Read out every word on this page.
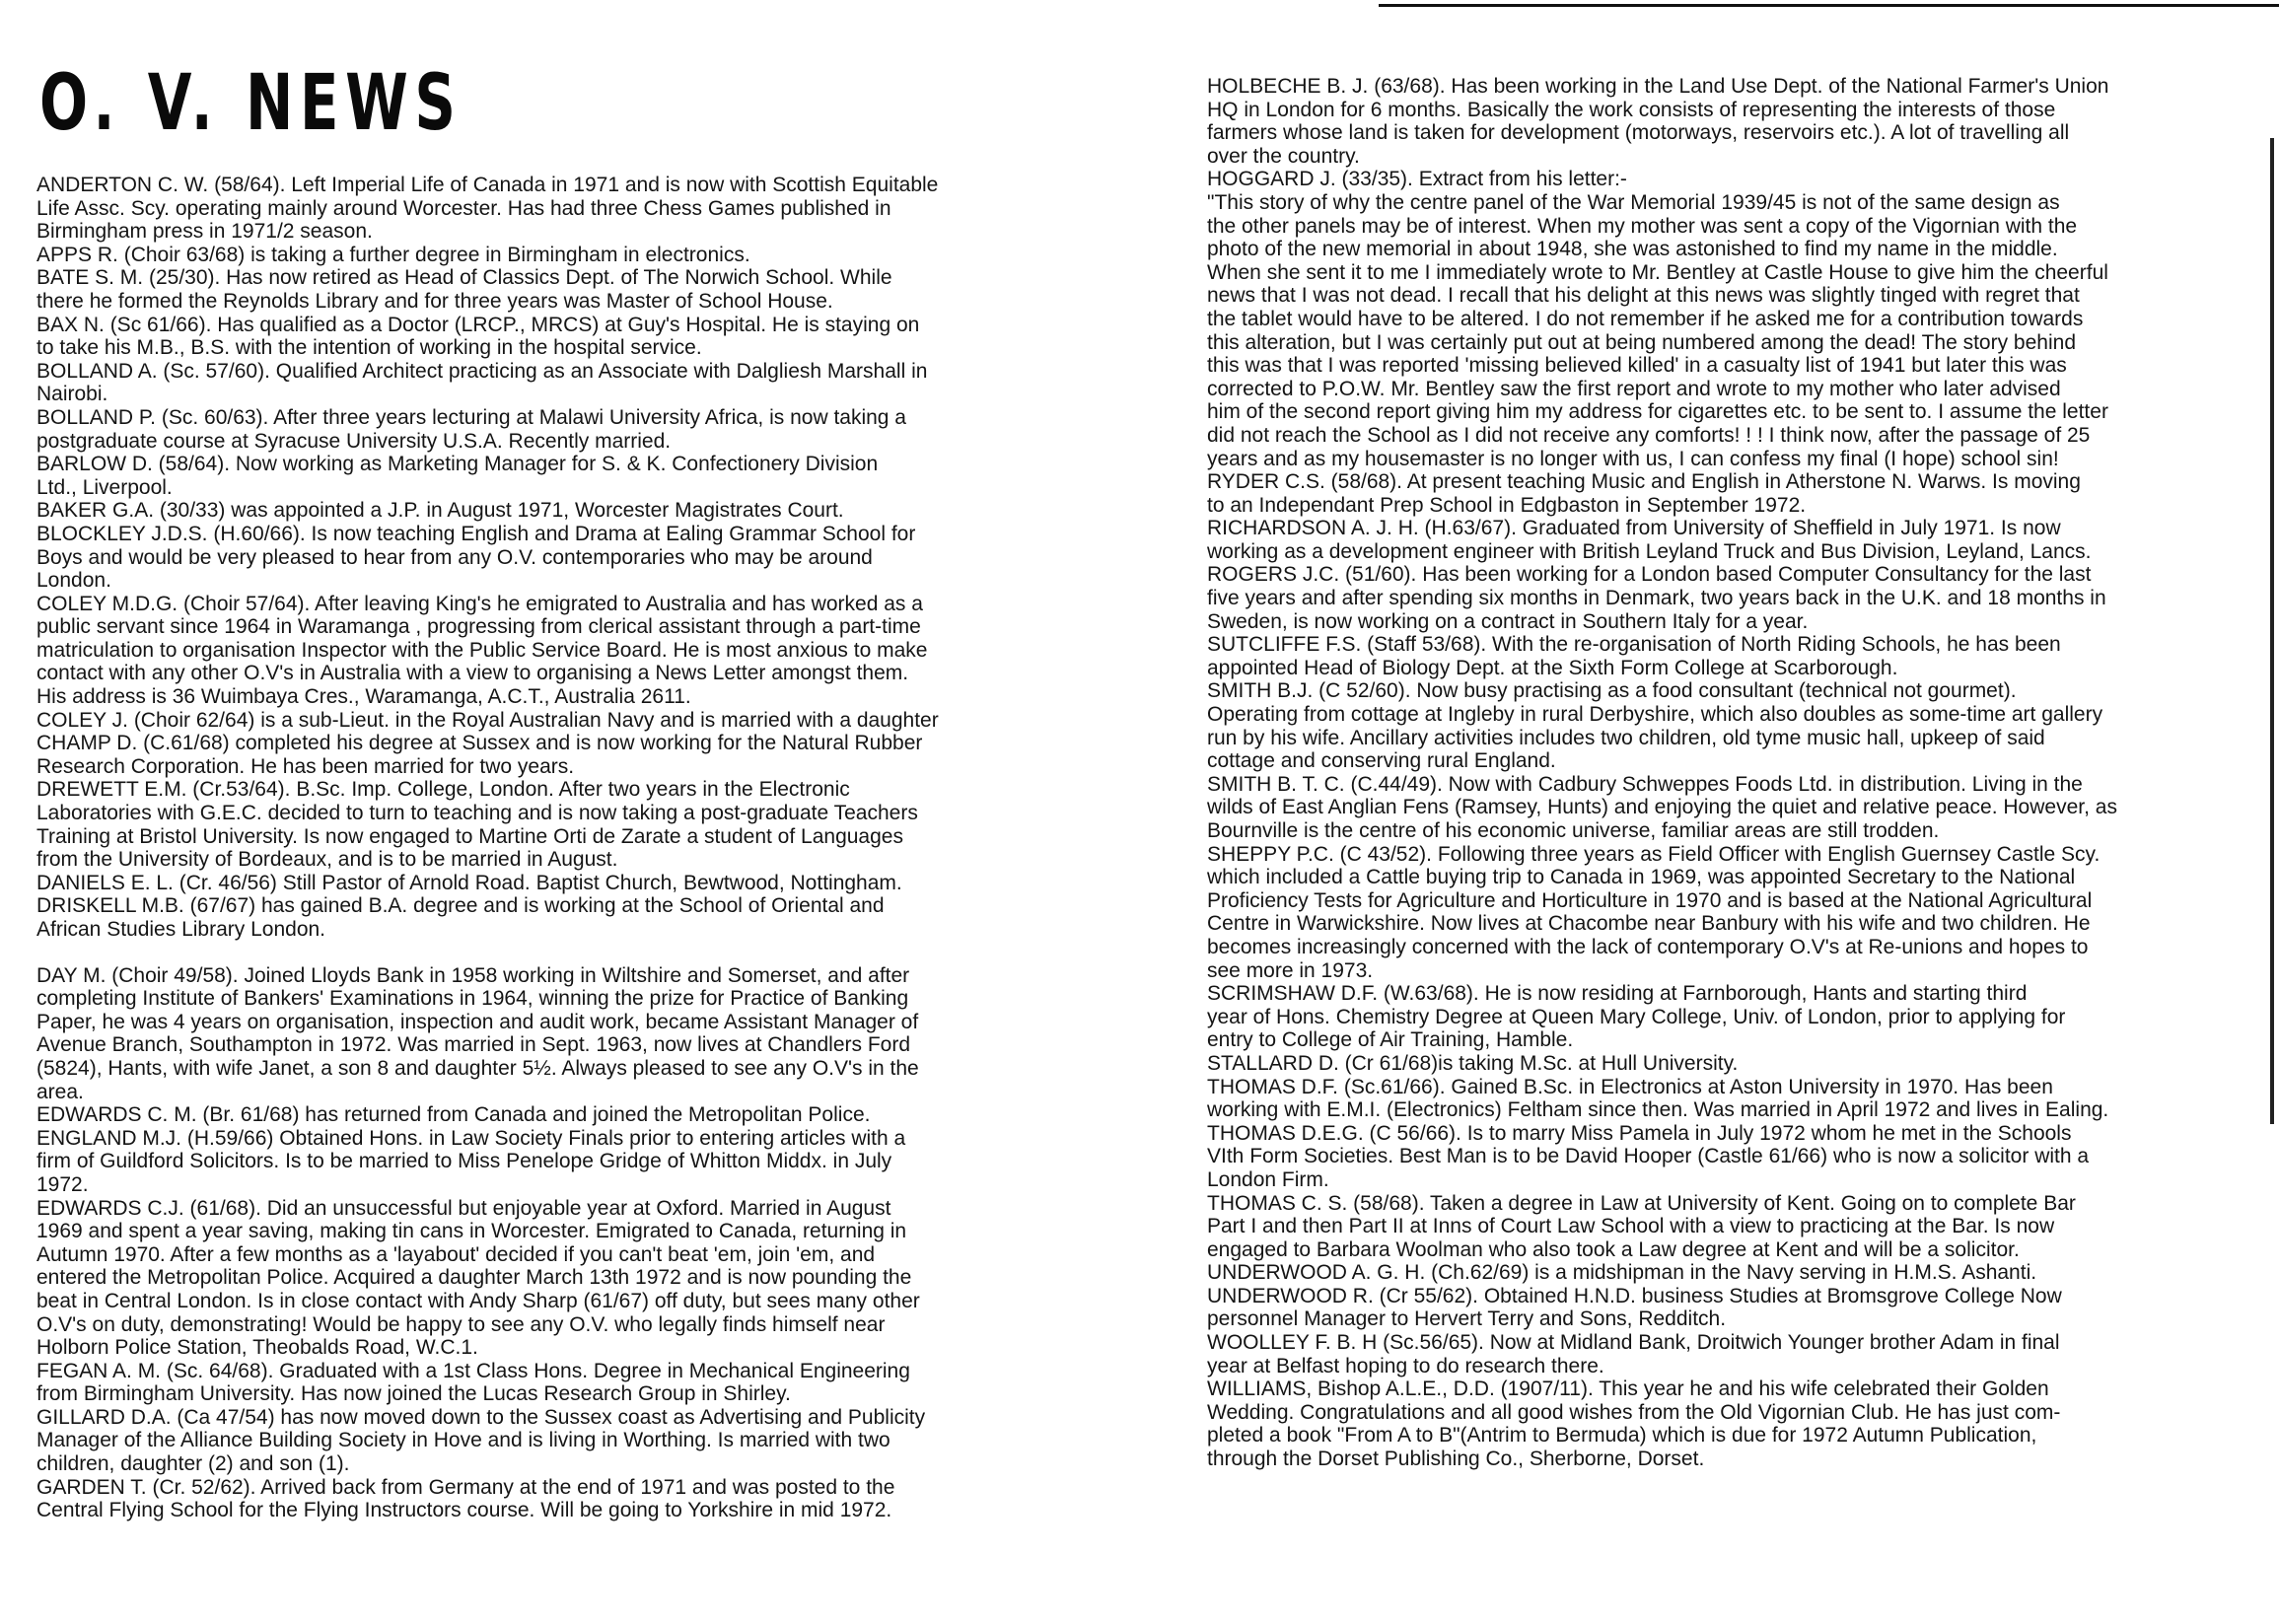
O. V. NEWS
ANDERTON C. W. (58/64). Left Imperial Life of Canada in 1971 and is now with Scottish Equitable
Life Assc. Scy. operating mainly around Worcester. Has had three Chess Games published in
Birmingham press in 1971/2 season.
APPS R. (Choir 63/68) is taking a further degree in Birmingham in electronics.
BATE S. M. (25/30). Has now retired as Head of Classics Dept. of The Norwich School. While
there he formed the Reynolds Library and for three years was Master of School House.
BAX N. (Sc 61/66). Has qualified as a Doctor (LRCP., MRCS) at Guy's Hospital. He is staying on
to take his M.B., B.S. with the intention of working in the hospital service.
BOLLAND A. (Sc. 57/60). Qualified Architect practicing as an Associate with Dalgliesh Marshall in
Nairobi.
BOLLAND P. (Sc. 60/63). After three years lecturing at Malawi University Africa, is now taking a
postgraduate course at Syracuse University U.S.A. Recently married.
BARLOW D. (58/64). Now working as Marketing Manager for S. & K. Confectionery Division
Ltd., Liverpool.
BAKER G.A. (30/33) was appointed a J.P. in August 1971, Worcester Magistrates Court.
BLOCKLEY J.D.S. (H.60/66). Is now teaching English and Drama at Ealing Grammar School for
Boys and would be very pleased to hear from any O.V. contemporaries who may be around
London.
COLEY M.D.G. (Choir 57/64). After leaving King's he emigrated to Australia and has worked as a
public servant since 1964 in Waramanga , progressing from clerical assistant through a part-time
matriculation to organisation Inspector with the Public Service Board. He is most anxious to make
contact with any other O.V's in Australia with a view to organising a News Letter amongst them.
His address is 36 Wuimbaya Cres., Waramanga, A.C.T., Australia 2611.
COLEY J. (Choir 62/64) is a sub-Lieut. in the Royal Australian Navy and is married with a daughter
CHAMP D. (C.61/68) completed his degree at Sussex and is now working for the Natural Rubber
Research Corporation. He has been married for two years.
DREWETT E.M. (Cr.53/64). B.Sc. Imp. College, London. After two years in the Electronic
Laboratories with G.E.C. decided to turn to teaching and is now taking a post-graduate Teachers
Training at Bristol University. Is now engaged to Martine Orti de Zarate a student of Languages
from the University of Bordeaux, and is to be married in August.
DANIELS E. L. (Cr. 46/56) Still Pastor of Arnold Road. Baptist Church, Bewtwood, Nottingham.
DRISKELL M.B. (67/67) has gained B.A. degree and is working at the School of Oriental and
African Studies Library London.
DAY M. (Choir 49/58). Joined Lloyds Bank in 1958 working in Wiltshire and Somerset, and after
completing Institute of Bankers' Examinations in 1964, winning the prize for Practice of Banking
Paper, he was 4 years on organisation, inspection and audit work, became Assistant Manager of
Avenue Branch, Southampton in 1972. Was married in Sept. 1963, now lives at Chandlers Ford
(5824), Hants, with wife Janet, a son 8 and daughter 5½. Always pleased to see any O.V's in the
area.
EDWARDS C. M. (Br. 61/68) has returned from Canada and joined the Metropolitan Police.
ENGLAND M.J. (H.59/66) Obtained Hons. in Law Society Finals prior to entering articles with a
firm of Guildford Solicitors. Is to be married to Miss Penelope Gridge of Whitton Middx. in July
1972.
EDWARDS C.J. (61/68). Did an unsuccessful but enjoyable year at Oxford. Married in August
1969 and spent a year saving, making tin cans in Worcester. Emigrated to Canada, returning in
Autumn 1970. After a few months as a 'layabout' decided if you can't beat 'em, join 'em, and
entered the Metropolitan Police. Acquired a daughter March 13th 1972 and is now pounding the
beat in Central London. Is in close contact with Andy Sharp (61/67) off duty, but sees many other
O.V's on duty, demonstrating! Would be happy to see any O.V. who legally finds himself near
Holborn Police Station, Theobalds Road, W.C.1.
FEGAN A. M. (Sc. 64/68). Graduated with a 1st Class Hons. Degree in Mechanical Engineering
from Birmingham University. Has now joined the Lucas Research Group in Shirley.
GILLARD D.A. (Ca 47/54) has now moved down to the Sussex coast as Advertising and Publicity
Manager of the Alliance Building Society in Hove and is living in Worthing. Is married with two
children, daughter (2) and son (1).
GARDEN T. (Cr. 52/62). Arrived back from Germany at the end of 1971 and was posted to the
Central Flying School for the Flying Instructors course. Will be going to Yorkshire in mid 1972.
HOLBECHE B. J. (63/68). Has been working in the Land Use Dept. of the National Farmer's Union
HQ in London for 6 months. Basically the work consists of representing the interests of those
farmers whose land is taken for development (motorways, reservoirs etc.). A lot of travelling all
over the country.
HOGGARD J. (33/35). Extract from his letter:-
"This story of why the centre panel of the War Memorial 1939/45 is not of the same design as
the other panels may be of interest. When my mother was sent a copy of the Vigornian with the
photo of the new memorial in about 1948, she was astonished to find my name in the middle.
When she sent it to me I immediately wrote to Mr. Bentley at Castle House to give him the cheerful
news that I was not dead. I recall that his delight at this news was slightly tinged with regret that
the tablet would have to be altered. I do not remember if he asked me for a contribution towards
this alteration, but I was certainly put out at being numbered among the dead! The story behind
this was that I was reported 'missing believed killed' in a casualty list of 1941 but later this was
corrected to P.O.W. Mr. Bentley saw the first report and wrote to my mother who later advised
him of the second report giving him my address for cigarettes etc. to be sent to. I assume the letter
did not reach the School as I did not receive any comforts! ! ! I think now, after the passage of 25
years and as my housemaster is no longer with us, I can confess my final (I hope) school sin!
RYDER C.S. (58/68). At present teaching Music and English in Atherstone N. Warws. Is moving
to an Independant Prep School in Edgbaston in September 1972.
RICHARDSON A. J. H. (H.63/67). Graduated from University of Sheffield in July 1971. Is now
working as a development engineer with British Leyland Truck and Bus Division, Leyland, Lancs.
ROGERS J.C. (51/60). Has been working for a London based Computer Consultancy for the last
five years and after spending six months in Denmark, two years back in the U.K. and 18 months in
Sweden, is now working on a contract in Southern Italy for a year.
SUTCLIFFE F.S. (Staff 53/68). With the re-organisation of North Riding Schools, he has been
appointed Head of Biology Dept. at the Sixth Form College at Scarborough.
SMITH B.J. (C 52/60). Now busy practising as a food consultant (technical not gourmet).
Operating from cottage at Ingleby in rural Derbyshire, which also doubles as some-time art gallery
run by his wife. Ancillary activities includes two children, old tyme music hall, upkeep of said
cottage and conserving rural England.
SMITH B. T. C. (C.44/49). Now with Cadbury Schweppes Foods Ltd. in distribution. Living in the
wilds of East Anglian Fens (Ramsey, Hunts) and enjoying the quiet and relative peace. However, as
Bournville is the centre of his economic universe, familiar areas are still trodden.
SHEPPY P.C. (C 43/52). Following three years as Field Officer with English Guernsey Castle Scy.
which included a Cattle buying trip to Canada in 1969, was appointed Secretary to the National
Proficiency Tests for Agriculture and Horticulture in 1970 and is based at the National Agricultural
Centre in Warwickshire. Now lives at Chacombe near Banbury with his wife and two children. He
becomes increasingly concerned with the lack of contemporary O.V's at Re-unions and hopes to
see more in 1973.
SCRIMSHAW D.F. (W.63/68). He is now residing at Farnborough, Hants and starting third
year of Hons. Chemistry Degree at Queen Mary College, Univ. of London, prior to applying for
entry to College of Air Training, Hamble.
STALLARD D. (Cr 61/68)is taking M.Sc. at Hull University.
THOMAS D.F. (Sc.61/66). Gained B.Sc. in Electronics at Aston University in 1970. Has been
working with E.M.I. (Electronics) Feltham since then. Was married in April 1972 and lives in Ealing.
THOMAS D.E.G. (C 56/66). Is to marry Miss Pamela in July 1972 whom he met in the Schools
VIth Form Societies. Best Man is to be David Hooper (Castle 61/66) who is now a solicitor with a
London Firm.
THOMAS C. S. (58/68). Taken a degree in Law at University of Kent. Going on to complete Bar
Part I and then Part II at Inns of Court Law School with a view to practicing at the Bar. Is now
engaged to Barbara Woolman who also took a Law degree at Kent and will be a solicitor.
UNDERWOOD A. G. H. (Ch.62/69) is a midshipman in the Navy serving in H.M.S. Ashanti.
UNDERWOOD R. (Cr 55/62). Obtained H.N.D. business Studies at Bromsgrove College Now
personnel Manager to Hervert Terry and Sons, Redditch.
WOOLLEY F. B. H (Sc.56/65). Now at Midland Bank, Droitwich Younger brother Adam in final
year at Belfast hoping to do research there.
WILLIAMS, Bishop A.L.E., D.D. (1907/11). This year he and his wife celebrated their Golden
Wedding. Congratulations and all good wishes from the Old Vigornian Club. He has just com-
pleted a book "From A to B"(Antrim to Bermuda) which is due for 1972 Autumn Publication,
through the Dorset Publishing Co., Sherborne, Dorset.
